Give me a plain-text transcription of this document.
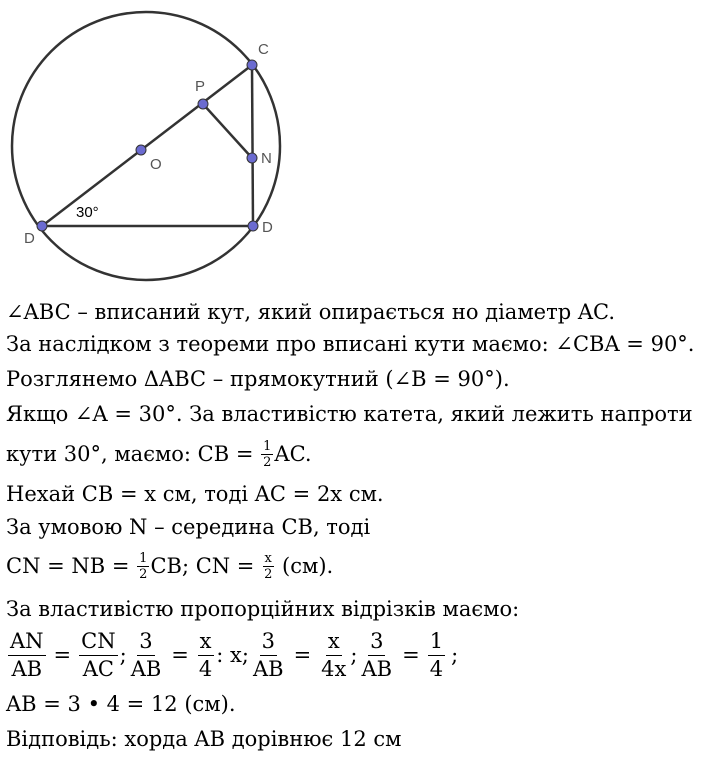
C
P
O	N
D
D
30°
∠ABC – вписаний кут, який опирається но діаметр AC.
За наслідком з теореми про вписані кути маємо: ∠CBA = 90°.
Розглянемо ΔABC – прямокутний (∠B = 90°).
Якщо ∠A = 30°. За властивістю катета, який лежить напроти
кути 30°, маємо: CB = $\frac{1}{2}$ AC.
Нехай CB = x см, тоді AC = 2x см.
За умовою N – середина CB, тоді
CN = NB = $\frac{1}{2}$ CB; CN = $\frac{x}{2} (см)$.
За властивістю пропорційних відрізків маємо:
$\frac{AN}{AB} = \frac{CN}{AC}$ ; $\frac{3}{AB} = \frac{x}{4}$ : x; $\frac{3}{AB} = \frac{x}{4x}$ ; $\frac{3}{AB} = \frac{1}{4}$ ;
AB = 3 • 4 = 12 (см).
Відповідь: хорда AB дорівнює 12 см
